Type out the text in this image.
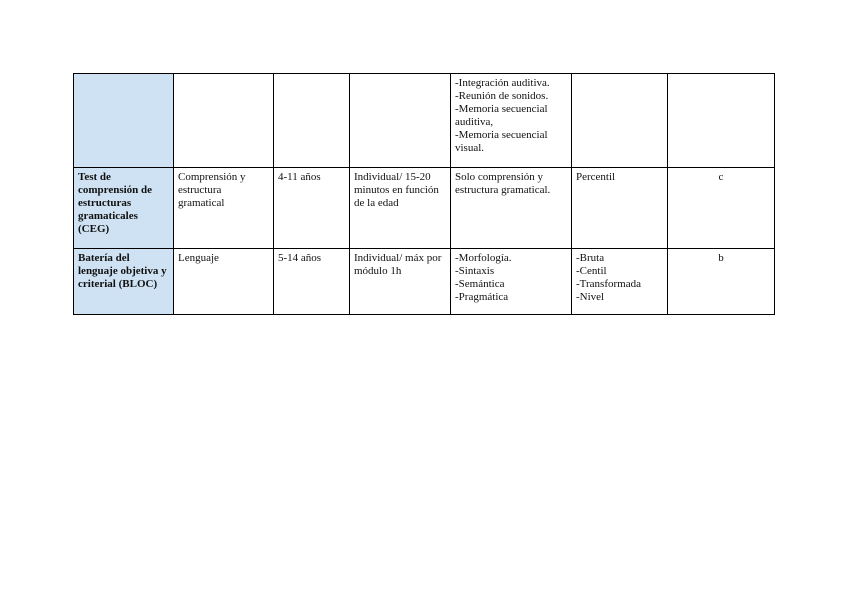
				-Integración auditiva.
-Reunión de sonidos.
-Memoria secuencial auditiva,
-Memoria secuencial visual.		
Test de comprensión de estructuras gramaticales (CEG)	Comprensión y estructura gramatical	4-11 años	Individual/ 15-20 minutos en función de la edad	Solo comprensión y estructura gramatical.	Percentil	c
Batería del lenguaje objetiva y criterial (BLOC)	Lenguaje	5-14 años	Individual/ máx por módulo 1h	-Morfología.
-Sintaxis
-Semántica
-Pragmática	-Bruta
-Centil
-Transformada
-Nivel	b
